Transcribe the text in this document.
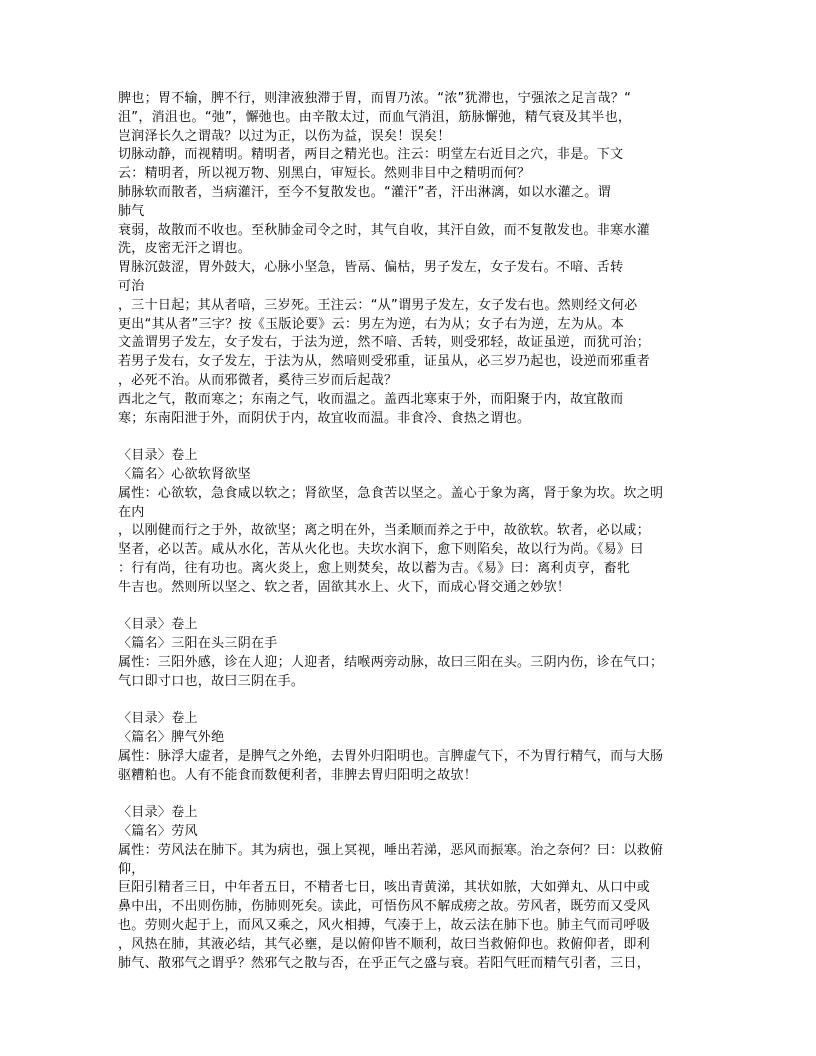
脾也；胃不输，脾不行，则津液独滞于胃，而胃乃浓。“浓”犹滞也，宁强浓之足言哉？“
沮”，消沮也。“弛”，懈弛也。由辛散太过，而血气消沮，筋脉懈弛，精气衰及其半也，
岂润泽长久之谓哉？以过为正，以伤为益，误矣！误矣！
切脉动静，而视精明。精明者，两目之精光也。注云：明堂左右近目之穴，非是。下文
云：精明者，所以视万物、别黑白，审短长。然则非目中之精明而何？
肺脉软而散者，当病灌汗，至今不复散发也。“灌汗”者，汗出淋漓，如以水灌之。谓
肺气
衰弱，故散而不收也。至秋肺金司令之时，其气自收，其汗自敛，而不复散发也。非寒水灌
洗，皮密无汗之谓也。
胃脉沉鼓涩，胃外鼓大，心脉小坚急，皆鬲、偏枯，男子发左，女子发右。不喑、舌转
可治
，三十日起；其从者喑，三岁死。王注云：“从”谓男子发左，女子发右也。然则经文何必
更出“其从者”三字？按《玉版论要》云：男左为逆，右为从；女子右为逆，左为从。本
文盖谓男子发左，女子发右，于法为逆，然不喑、舌转，则受邪轻，故证虽逆，而犹可治；
若男子发右，女子发左，于法为从，然喑则受邪重，证虽从，必三岁乃起也，设逆而邪重者
，必死不治。从而邪微者，奚待三岁而后起哉？
西北之气，散而寒之；东南之气，收而温之。盖西北寒束于外，而阳聚于内，故宜散而
寒；东南阳泄于外，而阴伏于内，故宜收而温。非食冷、食热之谓也。

〈目录〉卷上
〈篇名〉心欲软肾欲坚
属性：心欲软，急食咸以软之；肾欲坚，急食苦以坚之。盖心于象为离，肾于象为坎。坎之明
在内
，以刚健而行之于外，故欲坚；离之明在外，当柔顺而养之于中，故欲软。软者，必以咸；
坚者，必以苦。咸从水化，苦从火化也。夫坎水润下，愈下则陷矣，故以行为尚。《易》曰
：行有尚，往有功也。离火炎上，愈上则焚矣，故以蓄为吉。《易》曰：离利贞亨，畜牝
牛吉也。然则所以坚之、软之者，固欲其水上、火下，而成心肾交通之妙欤！

〈目录〉卷上
〈篇名〉三阳在头三阴在手
属性：三阳外感，诊在人迎；人迎者，结喉两旁动脉，故曰三阳在头。三阴内伤，诊在气口；
气口即寸口也，故曰三阴在手。

〈目录〉卷上
〈篇名〉脾气外绝
属性：脉浮大虚者，是脾气之外绝，去胃外归阳明也。言脾虚气下，不为胃行精气，而与大肠
驱糟粕也。人有不能食而数便利者，非脾去胃归阳明之故欤！

〈目录〉卷上
〈篇名〉劳风
属性：劳风法在肺下。其为病也，强上冥视，唾出若涕，恶风而振寒。治之奈何？曰：以救俯
仰，
巨阳引精者三日，中年者五日，不精者七日，咳出青黄涕，其状如脓，大如弹丸、从口中或
鼻中出，不出则伤肺，伤肺则死矣。读此，可悟伤风不解成痨之故。劳风者，既劳而又受风
也。劳则火起于上，而风又乘之，风火相搏，气凑于上，故云法在肺下也。肺主气而司呼吸
，风热在肺，其液必结，其气必壅，是以俯仰皆不顺利，故曰当救俯仰也。救俯仰者，即利
肺气、散邪气之谓乎？然邪气之散与否，在乎正气之盛与衰。若阳气旺而精气引者，三日，
